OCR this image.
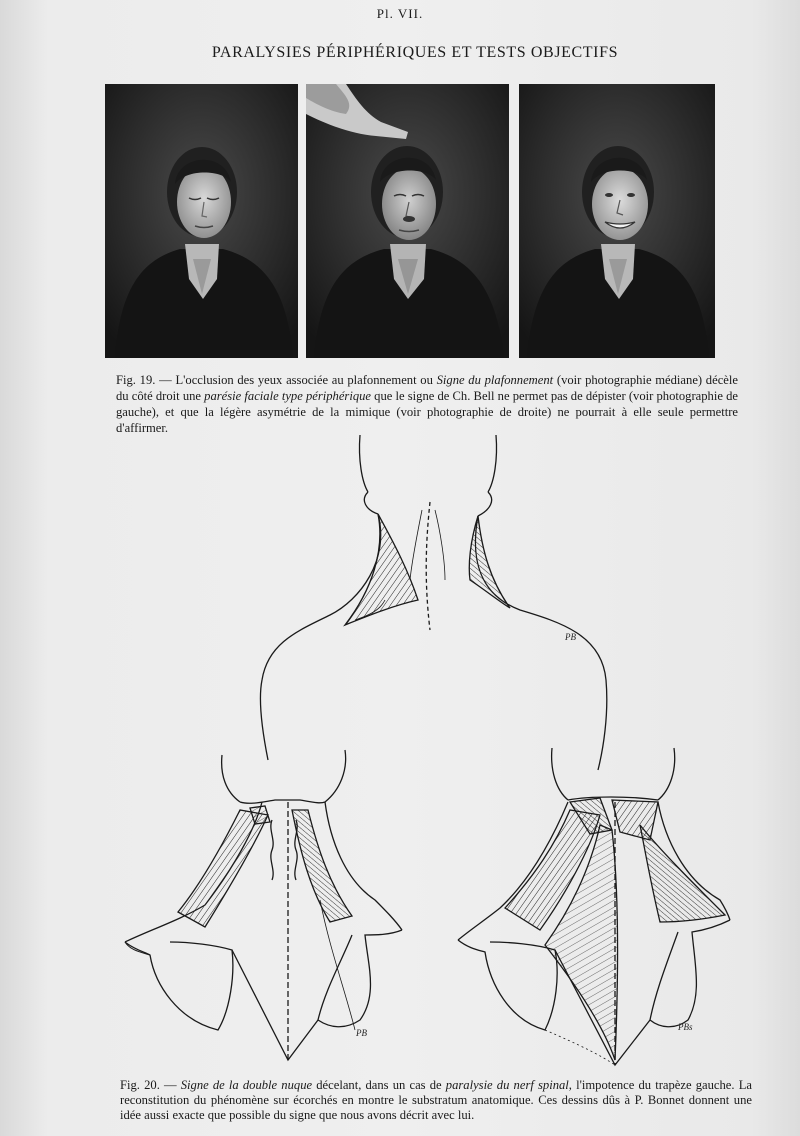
Pl. VII.
PARALYSIES PÉRIPHÉRIQUES ET TESTS OBJECTIFS
Fig. 19. — L'occlusion des yeux associée au plafonnement ou Signe du plafonnement (voir photographie médiane) décèle du côté droit une parésie faciale type périphérique que le signe de Ch. Bell ne permet pas de dépister (voir photographie de gauche), et que la légère asymétrie de la mimique (voir photographie de droite) ne pourrait à elle seule permettre d'affirmer.
PB
PB
PBs
Fig. 20. — Signe de la double nuque décelant, dans un cas de paralysie du nerf spinal, l'impotence du trapèze gauche. La reconstitution du phénomène sur écorchés en montre le substratum anatomique. Ces dessins dûs à P. Bonnet donnent une idée aussi exacte que possible du signe que nous avons décrit avec lui.
